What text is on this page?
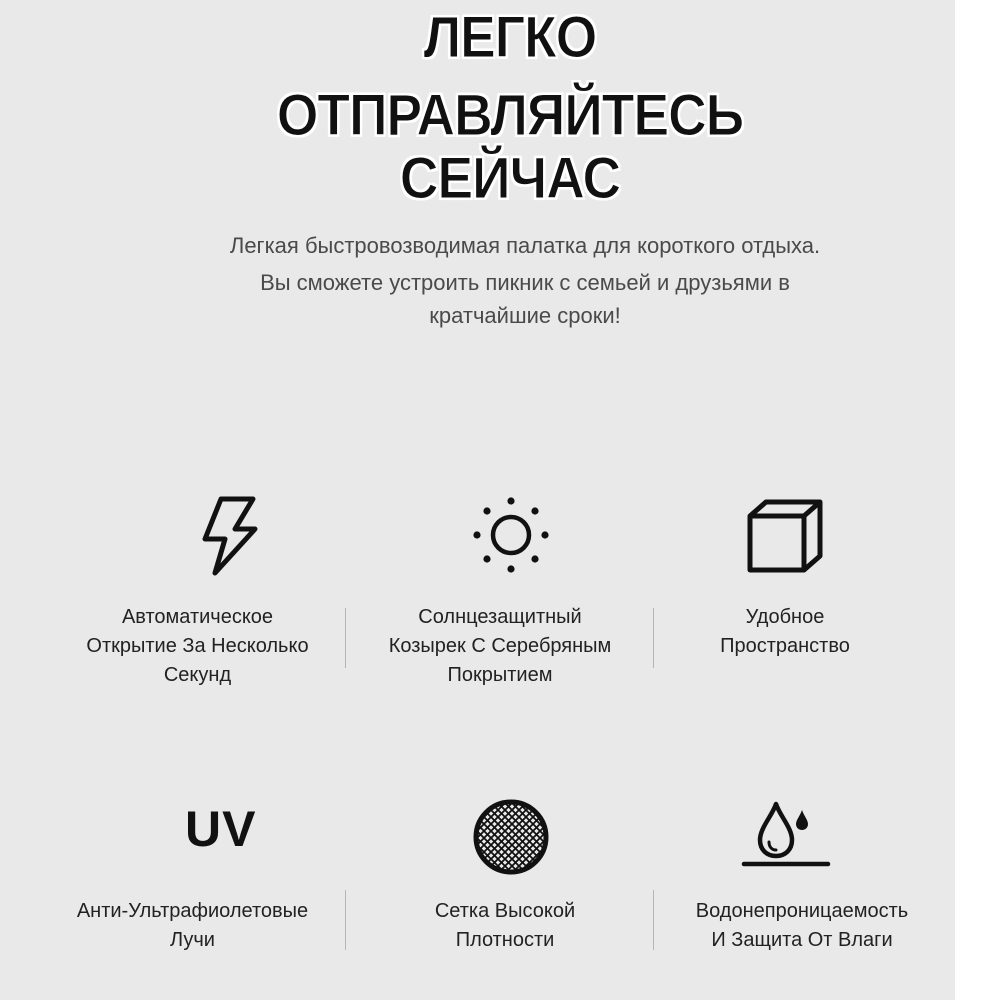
ЛЕГКО
ОТПРАВЛЯЙТЕСЬ
СЕЙЧАС
Легкая быстровозводимая палатка для короткого отдыха.
Вы сможете устроить пикник с семьей и друзьями в
кратчайшие сроки!
Автоматическое
Открытие За Несколько
Секунд
Солнцезащитный
Козырек С Серебряным
Покрытием
Удобное
Пространство
UV
Анти-Ультрафиолетовые
Лучи
Сетка Высокой
Плотности
Водонепроницаемость
И Защита От Влаги
